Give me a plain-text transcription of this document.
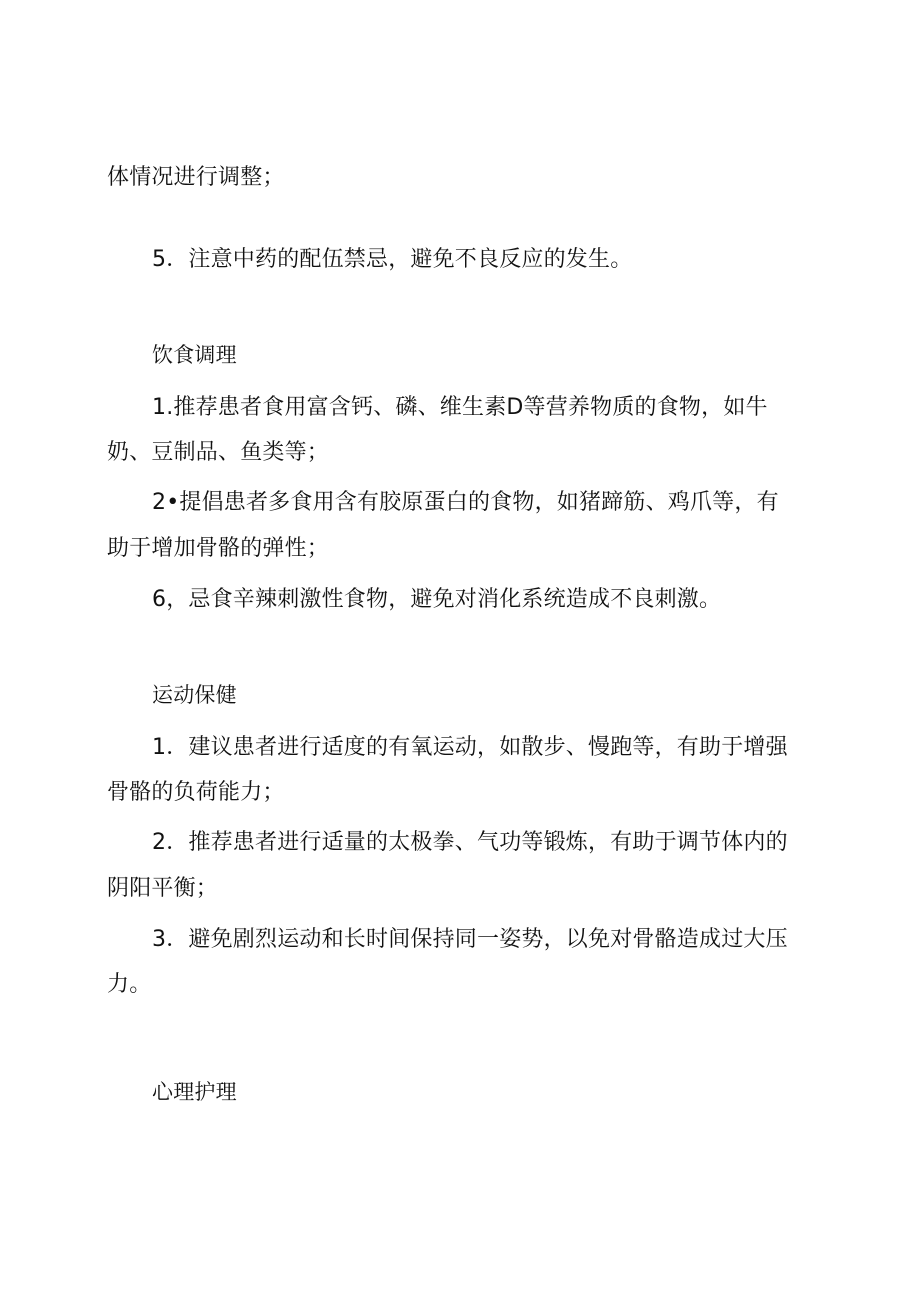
体情况进行调整；
5．注意中药的配伍禁忌，避免不良反应的发生。
饮食调理
1.推荐患者食用富含钙、磷、维生素D等营养物质的食物，如牛
奶、豆制品、鱼类等；
2•提倡患者多食用含有胶原蛋白的食物，如猪蹄筋、鸡爪等，有
助于增加骨骼的弹性；
6，忌食辛辣刺激性食物，避免对消化系统造成不良刺激。
运动保健
1．建议患者进行适度的有氧运动，如散步、慢跑等，有助于增强
骨骼的负荷能力；
2．推荐患者进行适量的太极拳、气功等锻炼，有助于调节体内的
阴阳平衡；
3．避免剧烈运动和长时间保持同一姿势，以免对骨骼造成过大压
力。
心理护理
